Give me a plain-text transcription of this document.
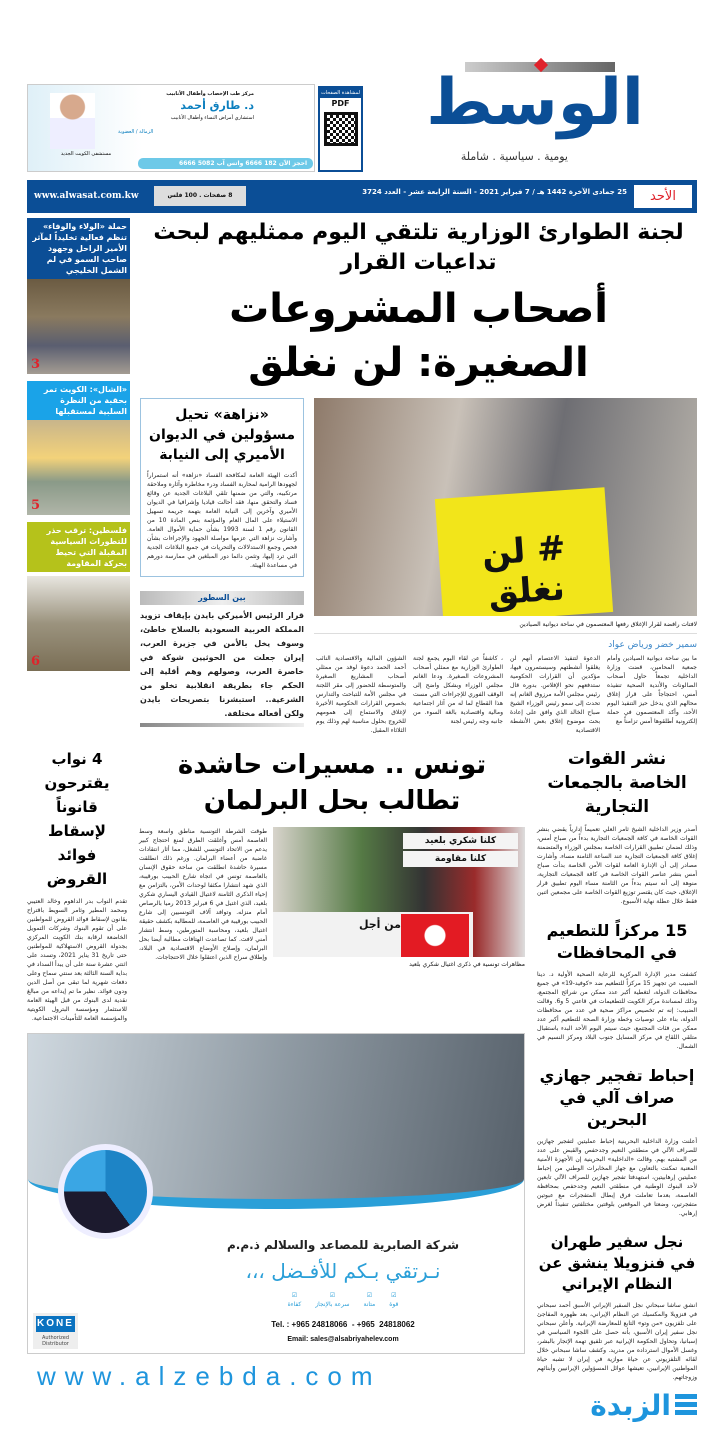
الوسط
يومية . سياسية . شاملة
لمشاهدة الصفحات
PDF
مركز طب الإخصاب وأطفال الأنابيب
د. طارق أحمد
استشاري أمراض النساء وأطفال الأنابيب
الزمالة / العضوية
مستشفى الكويت الجديد
احجز الآن 182 6666 واتس آب 5082 6666
الأحد
25 جمادى الآخرة 1442 هـ / 7 فبراير 2021 - السنة الرابعة عشر - العدد 3724
8 صفحات . 100 فلس
www.alwasat.com.kw
حملة «الولاء والوفاء» تنظم فعالية تخليداً لمآثر الأمير الراحل وجهود صاحب السمو في لم الشمل الخليجي
3
«الشال»: الكويت تمر بحقبة من النظرة السلبية لمستقبلها
5
فلسطين: ترقب حذر للتطورات السياسية المقبلة التي تحيط بحركة المقاومة
6
لجنة الطوارئ الوزارية تلتقي اليوم ممثليهم لبحث تداعيات القرار
أصحاب المشروعات الصغيرة: لن نغلق
«نزاهة» تحيل مسؤولين في الديوان الأميري إلى النيابة
أكدت الهيئة العامة لمكافحة الفساد «نزاهة» أنه استمراراً لجهودها الرامية لمحاربة الفساد ودرء مخاطره وآثاره وملاحقة مرتكبيه، والتي من ضمنها تلقي البلاغات الجدية عن وقائع فساد والتحقق منها، فقد أحالت قياديا وإشرافيا في الديوان الأميري وآخرين إلى النيابة العامة بتهمة جريمة تسهيل الاستيلاء على المال العام والمؤثمة بنص المادة 10 من القانون رقم 1 لسنة 1993 بشأن حماية الأموال العامة. وأشارت نزاهة التي عزمها مواصلة الجهود والإجراءات بشأن فحص وجمع الاستدلالات والتحريات في جميع البلاغات الجدية التي ترد إليها، وتثمن دائما دور المبلغين في ممارسة دورهم في مساعدة الهيئة.
بين السطور
قرار الرئيس الأميركي بايدن بإيقاف تزويد المملكة العربية السعودية بالسلاح خاطئ، وسوف يخل بالأمن في جزيرة العرب، إيران جعلت من الحوثيين شوكة في خاصرة العرب، وصولهم وهم أقلية إلى الحكم جاء بطريقة انقلابية تخلو من الشرعية.. استبشرنا بتصريحات بايدن ولكن أفعاله مختلفة.
# لن نغلق
لافتات رافضة لقرار الإغلاق رفعها المعتصمون في ساحة ديوانية الصيادين
سمير خضر ورياض عواد
ما بين ساحة ديوانية الصيادين وأمام جمعية المحامين، قضت وزارة الداخلية تجمعاً حاول أصحاب الصالونات والأندية الصحية تنفيذه أمس، احتجاجاً على قرار إغلاق محالهم الذي يدخل حيز التنفيذ اليوم الأحد، وأكد المعتصمون في حملة إلكترونية أطلقوها أمس تزامناً مع
الدعوة لتنفيذ الاعتصام أنهم لن يغلقوا أنشطتهم وسيستمرون فيها، مؤكدين أن القرارات الحكومية ستدفعهم نحو الإفلاس. بدوره قال رئيس مجلس الأمة مرزوق الغانم إنه تحدث إلى سمو رئيس الوزراء الشيخ صباح الخالد الذي وافق على إعادة بحث موضوع إغلاق بعض الأنشطة الاقتصادية
، كاشفاً عن لقاء اليوم يجمع لجنة الطوارئ الوزارية مع ممثلي أصحاب المشروعات الصغيرة. ودعا الغانم مجلس الوزراء وبشكل واضح إلى الوقف الفوري للإجراءات التي مست هذا القطاع لما له من آثار اجتماعية ومالية واقتصادية بالغة السوء. من جانبه وجه رئيس لجنة
الشؤون المالية والاقتصادية النائب أحمد الحمد دعوة لوفد من ممثلي أصحاب المشاريع الصغيرة والمتوسطة للحضور إلى مقر اللجنة في مجلس الأمة للتباحث والتدارس بخصوص القرارات الحكومية الأخيرة لإغلاق والاستماع إلى همومهم للخروج بحلول مناسبة لهم وذلك يوم الثلاثاء المقبل.
4 نواب يقترحون قانوناً لإسقاط فوائد القروض
تقدم النواب بدر الداهوم وخالد العتيبي ومحمد المطير وثامر السويط باقتراح بقانون لإسقاط فوائد القروض للمواطنين على أن تقوم البنوك وشركات التمويل الخاضعة لرقابة بنك الكويت المركزي بجدولة القروض الاستهلاكية للمواطنين حتى تاريخ 31 يناير 2021، وتسدد على اثنتي عشرة سنة على أن يبدأ السداد في بداية السنة الثالثة بعد سنتي سماح وعلى دفعات شهرية لما تبقى من أصل الدين ودون فوائد. نظير ما تم إيداعه من مبالغ نقدية لدى البنوك من قبل الهيئة العامة للاستثمار ومؤسسة البترول الكويتية والمؤسسة العامة للتأمينات الاجتماعية.
تونس .. مسيرات حاشدة تطالب بحل البرلمان
طوقت الشرطة التونسية مناطق واسعة وسط العاصمة أمس وأغلقت الطرق لمنع احتجاج كبير يدعم من الاتحاد التونسي للشغل، مما أثار انتقادات غاضبة من أعضاء البرلمان. ورغم ذلك انطلقت مسيرة حاشدة انطلقت من ساحة حقوق الإنسان بالعاصمة تونس في اتجاه شارع الحبيب بورقيبة، الذي شهد انتشارا مكثفا لوحدات الأمن، بالتزامن مع إحياء الذكرى الثامنة لاغتيال القيادي اليساري شكري بلعيد، الذي اغتيل في 6 فبراير 2013 رميا بالرصاص أمام منزله. وتوافد آلاف التونسيين إلى شارع الحبيب بورقيبة في العاصمة، للمطالبة بكشف حقيقة اغتيال بلعيد، ومحاسبة المتورطين، وسط انتشار أمني لافت. كما تصاعدت الهتافات مطالبة أيضا بحل البرلمان، وإصلاح الأوضاع الاقتصادية في البلاد، وإطلاق سراح الذين اعتقلوا خلال الاحتجاجات.
كلنا شكري بلعيد
كلنا مقاومة
من أجل
مظاهرات تونسية في ذكرى اغتيال شكري بلعيد
شركة الصابرية للمصاعد والسلالم ذ.م.م
نـرتقي بـكم للأفـضل ،،،
☑
قوة
☑
متانة
☑
سرعة بالإنجاز
☑
كفاءة
Tel. : +965 24818066  - +965  24818062
Email: sales@alsabriyahelev.com
KONE
Authorized Distributor
www.alzebda.com
نشر القوات الخاصة بالجمعات التجارية
أصدر وزير الداخلية الشيخ ثامر العلي تعميماً إدارياً يقضي بنشر القوات الخاصة في كافة الجمعيات التجارية بدءاً من صباح أمس، وذلك لضمان تطبيق القرارات الخاصة بمجلس الوزراء والمتضمنة إغلاق كافة الجمعيات التجارية عند الساعة الثامنة مساء. وأشارت مصادر إلى أن الإدارة العامة لقوات الأمن الخاصة بدأت صباح أمس بنشر عناصر القوات الخاصة في كافة الجمعيات التجارية، منوهة إلى أنه سيتم بدءاً من الثامنة مساء اليوم تطبيق قرار الإغلاق، حيث كان يقتصر توزيع القوات الخاصة على مجمعين اثنين فقط خلال عطلة نهاية الأسبوع.
15 مركزاً للتطعيم في المحافظات
كشفت مدير الإدارة المركزية للرعاية الصحية الأولية د. دينا الضبيب عن تجهيز 15 مركزاً للتطعيم ضد «كوفيد-19» في جميع محافظات الدولة، لتغطية أكبر عدد ممكن من شرائح المجتمع، وذلك لمساندة مركز الكويت للتطعيمات في قاعتي 5 و6. وقالت الضبيب: إنه تم تخصيص مراكز صحية في عدد من محافظات الدولة، بناء على توصيات وخطة وزارة الصحة للتطعيم أكبر عدد ممكن من فئات المجتمع، حيث سيتم اليوم الأحد البدء باستقبال متلقي اللقاح في مركز المسايل جنوب البلاد ومركز النسيم في الشمال.
إحباط تفجير جهازي صراف آلي في البحرين
أعلنت وزارة الداخلية البحرينية إحباط عمليتين لتفجير جهازين للصراف الآلي في منطقتي النعيم وجدحفص والقبض على عدد من المشتبه بهم. وقالت «الداخلية» البحرينية إن الأجهزة الأمنية المعنية تمكنت بالتعاون مع جهاز المخابرات الوطني من إحباط عمليتين إرهابيتين، استهدفتا تفجير جهازين للصراف الآلي تابعين لأحد البنوك الوطنية في منطقتي النعيم وجدحفص بمحافظة العاصمة، بعدما تعاملت فرق إبطال المتفجرات مع عبوتين متفجرتين، وضعتا في الموقعين بلوقتين مختلفتين تنفيذاً لغرض إرهابي.
نجل سفير طهران في فنزويلا ينشق عن النظام الإيراني
انشق ساشا سبحاني نجل السفير الإيراني الأسبق أحمد سبحاني في فنزويلا والمكسيك عن النظام الإيراني، بعد ظهوره المفاجئ على تلفزيون «من وتو» التابع للمعارضة الإيرانية. وأعلن سبحاني نجل سفير إيران الأسبق، بأنه حصل على اللجوء السياسي في إسبانيا، وتحاول الحكومة الإيرانية عبر تلفيق تهمة الإتجار بالبشر، وغسل الأموال استرداده من مدريد. وكشف ساشا سبحاني خلال لقائه التلفزيوني عن حياة موازية في إيران لا تشبه حياة المواطنين الإيرانيين، تعيشها عوائل المسؤولين الإيرانيين وأبنائهم وزوجاتهم.
الزبدة
